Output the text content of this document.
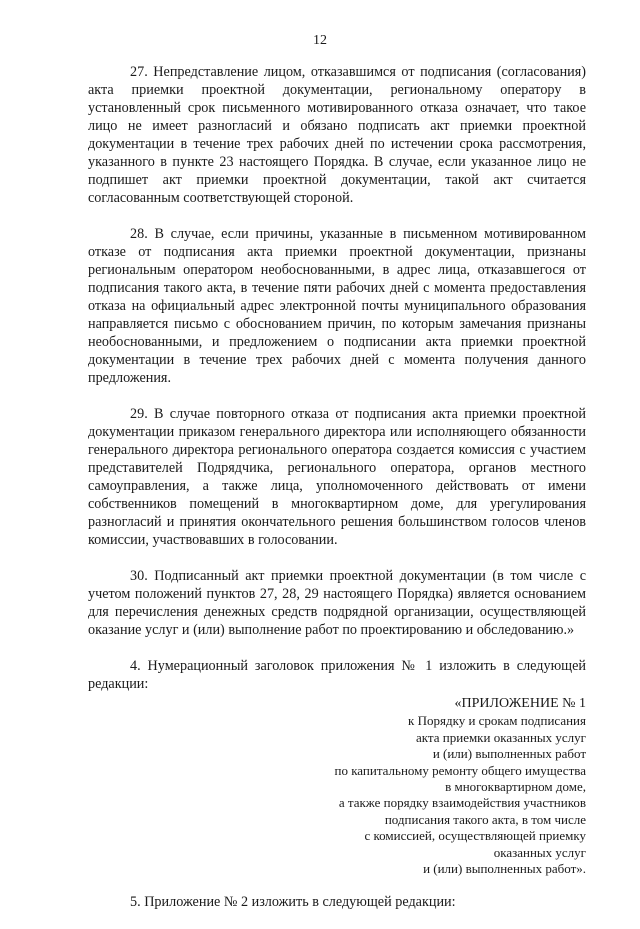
12

27. Непредставление лицом, отказавшимся от подписания (согласования) акта приемки проектной документации, региональному оператору в установленный срок письменного мотивированного отказа означает, что такое лицо не имеет разногласий и обязано подписать акт приемки проектной документации в течение трех рабочих дней по истечении срока рассмотрения, указанного в пункте 23 настоящего Порядка. В случае, если указанное лицо не подпишет акт приемки проектной документации, такой акт считается согласованным соответствующей стороной.

28. В случае, если причины, указанные в письменном мотивированном отказе от подписания акта приемки проектной документации, признаны региональным оператором необоснованными, в адрес лица, отказавшегося от подписания такого акта, в течение пяти рабочих дней с момента предоставления отказа на официальный адрес электронной почты муниципального образования направляется письмо с обоснованием причин, по которым замечания признаны необоснованными, и предложением о подписании акта приемки проектной документации в течение трех рабочих дней с момента получения данного предложения.

29. В случае повторного отказа от подписания акта приемки проектной документации приказом генерального директора или исполняющего обязанности генерального директора регионального оператора создается комиссия с участием представителей Подрядчика, регионального оператора, органов местного самоуправления, а также лица, уполномоченного действовать от имени собственников помещений в многоквартирном доме, для урегулирования разногласий и принятия окончательного решения большинством голосов членов комиссии, участвовавших в голосовании.

30. Подписанный акт приемки проектной документации (в том числе с учетом положений пунктов 27, 28, 29 настоящего Порядка) является основанием для перечисления денежных средств подрядной организации, осуществляющей оказание услуг и (или) выполнение работ по проектированию и обследованию.»

4. Нумерационный заголовок приложения № 1 изложить в следующей редакции:

«ПРИЛОЖЕНИЕ № 1
к Порядку и срокам подписания
акта приемки оказанных услуг
и (или) выполненных работ
по капитальному ремонту общего имущества
в многоквартирном доме,
а также порядку взаимодействия участников
подписания такого акта, в том числе
с комиссией, осуществляющей приемку
оказанных услуг
и (или) выполненных работ».

5. Приложение № 2 изложить в следующей редакции:
